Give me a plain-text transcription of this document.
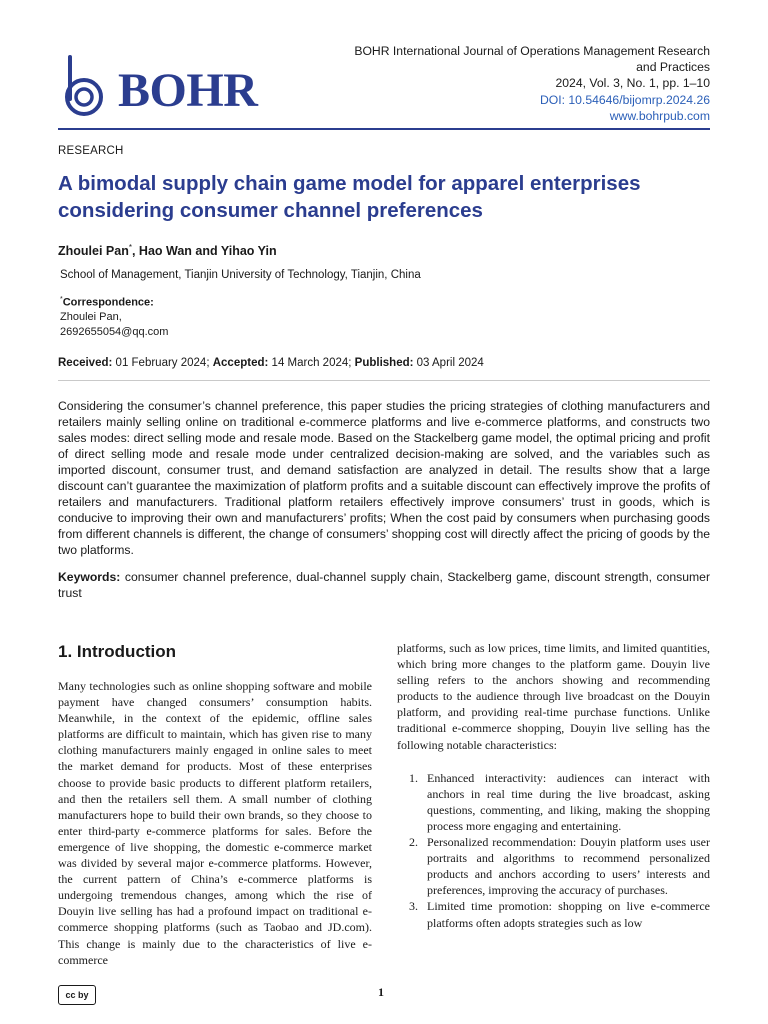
BOHR
BOHR International Journal of Operations Management Research
and Practices
2024, Vol. 3, No. 1, pp. 1–10
DOI: 10.54646/bijomrp.2024.26
www.bohrpub.com
RESEARCH
A bimodal supply chain game model for apparel enterprises considering consumer channel preferences
Zhoulei Pan*, Hao Wan and Yihao Yin
School of Management, Tianjin University of Technology, Tianjin, China
*Correspondence:
Zhoulei Pan,
2692655054@qq.com
Received: 01 February 2024; Accepted: 14 March 2024; Published: 03 April 2024

Considering the consumer’s channel preference, this paper studies the pricing strategies of clothing manufacturers and retailers mainly selling online on traditional e-commerce platforms and live e-commerce platforms, and constructs two sales modes: direct selling mode and resale mode. Based on the Stackelberg game model, the optimal pricing and profit of direct selling mode and resale mode under centralized decision-making are solved, and the variables such as imported discount, consumer trust, and demand satisfaction are analyzed in detail. The results show that a large discount can’t guarantee the maximization of platform profits and a suitable discount can effectively improve the profits of retailers and manufacturers. Traditional platform retailers effectively improve consumers’ trust in goods, which is conducive to improving their own and manufacturers’ profits; When the cost paid by consumers when purchasing goods from different channels is different, the change of consumers’ shopping cost will directly affect the pricing of goods by the two platforms.

Keywords: consumer channel preference, dual-channel supply chain, Stackelberg game, discount strength, consumer trust

1. Introduction

Many technologies such as online shopping software and mobile payment have changed consumers’ consumption habits. Meanwhile, in the context of the epidemic, offline sales platforms are difficult to maintain, which has given rise to many clothing manufacturers mainly engaged in online sales to meet the market demand for products. Most of these enterprises choose to provide basic products to different platform retailers, and then the retailers sell them. A small number of clothing manufacturers hope to build their own brands, so they choose to enter third-party e-commerce platforms for sales. Before the emergence of live shopping, the domestic e-commerce market was divided by several major e-commerce platforms. However, the current pattern of China’s e-commerce platforms is undergoing tremendous changes, among which the rise of Douyin live selling has had a profound impact on traditional e-commerce shopping platforms (such as Taobao and JD.com). This change is mainly due to the characteristics of live e-commerce

platforms, such as low prices, time limits, and limited quantities, which bring more changes to the platform game. Douyin live selling refers to the anchors showing and recommending products to the audience through live broadcast on the Douyin platform, and providing real-time purchase functions. Unlike traditional e-commerce shopping, Douyin live selling has the following notable characteristics:

1. Enhanced interactivity: audiences can interact with anchors in real time during the live broadcast, asking questions, commenting, and liking, making the shopping process more engaging and entertaining.
2. Personalized recommendation: Douyin platform uses user portraits and algorithms to recommend personalized products and anchors according to users’ interests and preferences, improving the accuracy of purchases.
3. Limited time promotion: shopping on live e-commerce platforms often adopts strategies such as low
cc by	1
